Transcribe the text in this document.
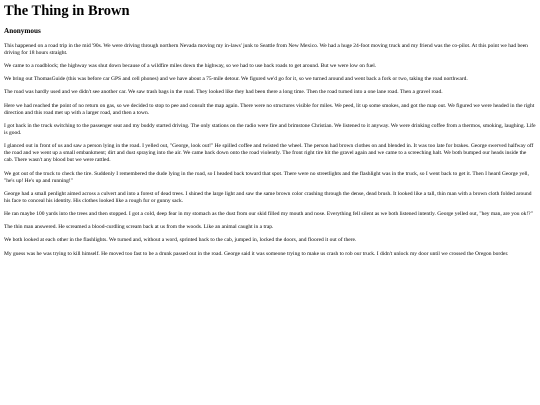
The Thing in Brown
Anonymous

This happened on a road trip in the mid '90s. We were driving through northern Nevada moving my in-laws' junk to Seattle from New Mexico. We had a huge 24-foot moving truck and my friend was the co-pilot. At this point we had been driving for 18 hours straight.

We came to a roadblock; the highway was shut down because of a wildfire miles down the highway, so we had to use back roads to get around. But we were low on fuel.

We bring out ThomasGuide (this was before car GPS and cell phones) and we have about a 75-mile detour. We figured we'd go for it, so we turned around and went back a fork or two, taking the road northward.

The road was hardly used and we didn't see another car. We saw trash bags in the road. They looked like they had been there a long time. Then the road turned into a one lane road. Then a gravel road.

Here we had reached the point of no return on gas, so we decided to stop to pee and consult the map again. There were no structures visible for miles. We peed, lit up some smokes, and got the map out. We figured we were headed in the right direction and this road met up with a larger road, and then a town.

I got back in the truck switching to the passenger seat and my buddy started driving. The only stations on the radio were fire and brimstone Christian. We listened to it anyway. We were drinking coffee from a thermos, smoking, laughing. Life is good.

I glanced out in front of us and saw a person lying in the road. I yelled out, "George, look out!" He spilled coffee and twisted the wheel. The person had brown clothes on and blended in. It was too late for brakes. George swerved halfway off the road and we went up a small embankment; dirt and dust spraying into the air. We came back down onto the road violently. The front right tire hit the gravel again and we came to a screeching halt. We both bumped our heads inside the cab. There wasn't any blood but we were rattled.

We got out of the truck to check the tire. Suddenly I remembered the dude lying in the road, so I headed back toward that spot. There were no streetlights and the flashlight was in the truck, so I went back to get it. Then I heard George yell, "he's up! He's up and running!"

George had a small penlight aimed across a culvert and into a forest of dead trees. I shined the large light and saw the same brown color crashing through the dense, dead brush. It looked like a tall, thin man with a brown cloth folded around his face to conceal his identity. His clothes looked like a rough fur or gunny sack.

He ran maybe 100 yards into the trees and then stopped. I got a cold, deep fear in my stomach as the dust from our skid filled my mouth and nose. Everything fell silent as we both listened intently. George yelled out, "hey man, are you ok!?"

The thin man answered. He screamed a blood-curdling scream back at us from the woods. Like an animal caught in a trap.

We both looked at each other in the flashlights. We turned and, without a word, sprinted back to the cab, jumped in, locked the doors, and floored it out of there.

My guess was he was trying to kill himself. He moved too fast to be a drunk passed out in the road. George said it was someone trying to make us crash to rob our truck. I didn't unlock my door until we crossed the Oregon border.
